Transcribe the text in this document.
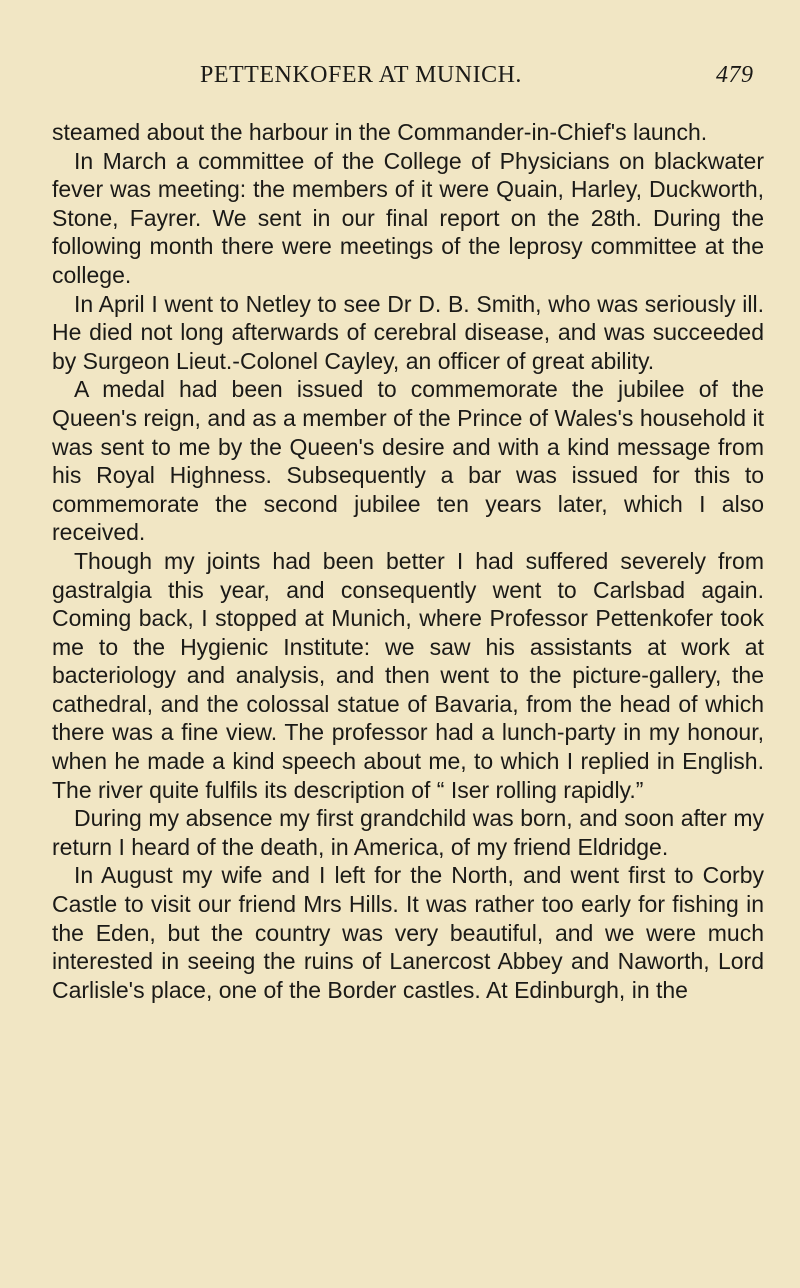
PETTENKOFER AT MUNICH.	479

steamed about the harbour in the Commander-in-Chief's launch.

In March a committee of the College of Physicians on blackwater fever was meeting: the members of it were Quain, Harley, Duckworth, Stone, Fayrer. We sent in our final report on the 28th. During the following month there were meetings of the leprosy committee at the college.

In April I went to Netley to see Dr D. B. Smith, who was seriously ill. He died not long afterwards of cerebral disease, and was succeeded by Surgeon Lieut.-Colonel Cayley, an officer of great ability.

A medal had been issued to commemorate the jubilee of the Queen's reign, and as a member of the Prince of Wales's household it was sent to me by the Queen's desire and with a kind message from his Royal Highness. Subsequently a bar was issued for this to commemorate the second jubilee ten years later, which I also received.

Though my joints had been better I had suffered severely from gastralgia this year, and consequently went to Carlsbad again. Coming back, I stopped at Munich, where Professor Pettenkofer took me to the Hygienic Institute: we saw his assistants at work at bacteriology and analysis, and then went to the picture-gallery, the cathedral, and the colossal statue of Bavaria, from the head of which there was a fine view. The professor had a lunch-party in my honour, when he made a kind speech about me, to which I replied in English. The river quite fulfils its description of “ Iser rolling rapidly.”

During my absence my first grandchild was born, and soon after my return I heard of the death, in America, of my friend Eldridge.

In August my wife and I left for the North, and went first to Corby Castle to visit our friend Mrs Hills. It was rather too early for fishing in the Eden, but the country was very beautiful, and we were much interested in seeing the ruins of Lanercost Abbey and Naworth, Lord Carlisle's place, one of the Border castles. At Edinburgh, in the
